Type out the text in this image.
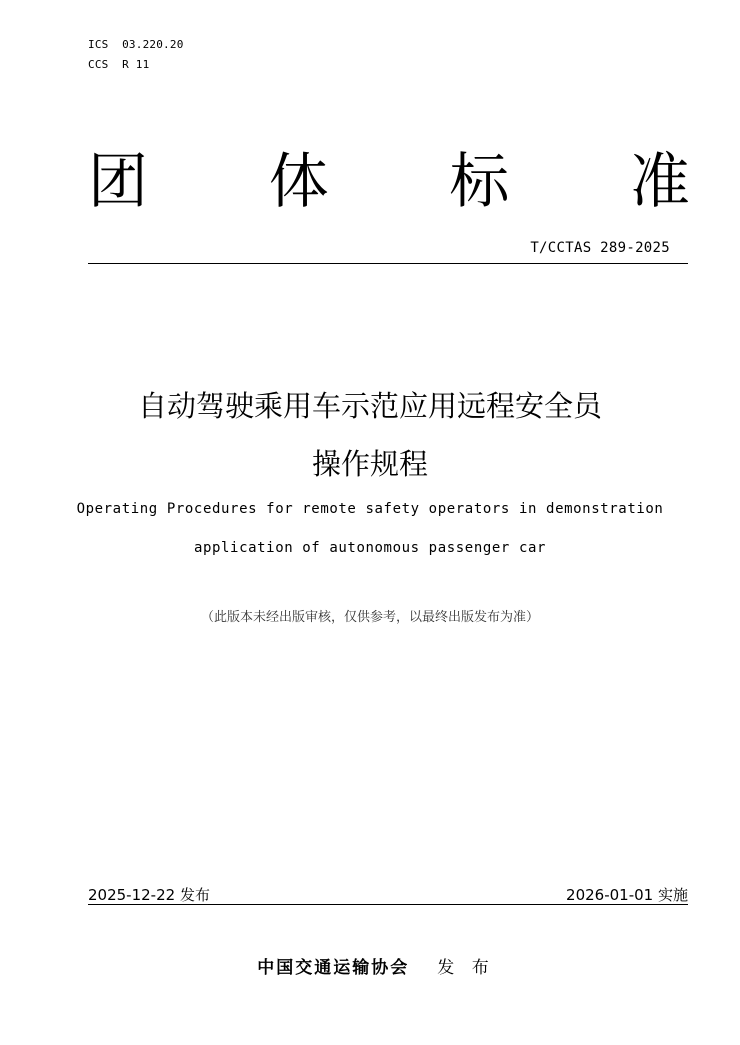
ICS  03.220.20
CCS  R 11
团 体 标 准
T/CCTAS 289-2025
自动驾驶乘用车示范应用远程安全员
操作规程
Operating Procedures for remote safety operators in demonstration
application of autonomous passenger car
（此版本未经出版审核，仅供参考，以最终出版发布为准）
2025-12-22 发布	2026-01-01 实施
中国交通运输协会 发 布
